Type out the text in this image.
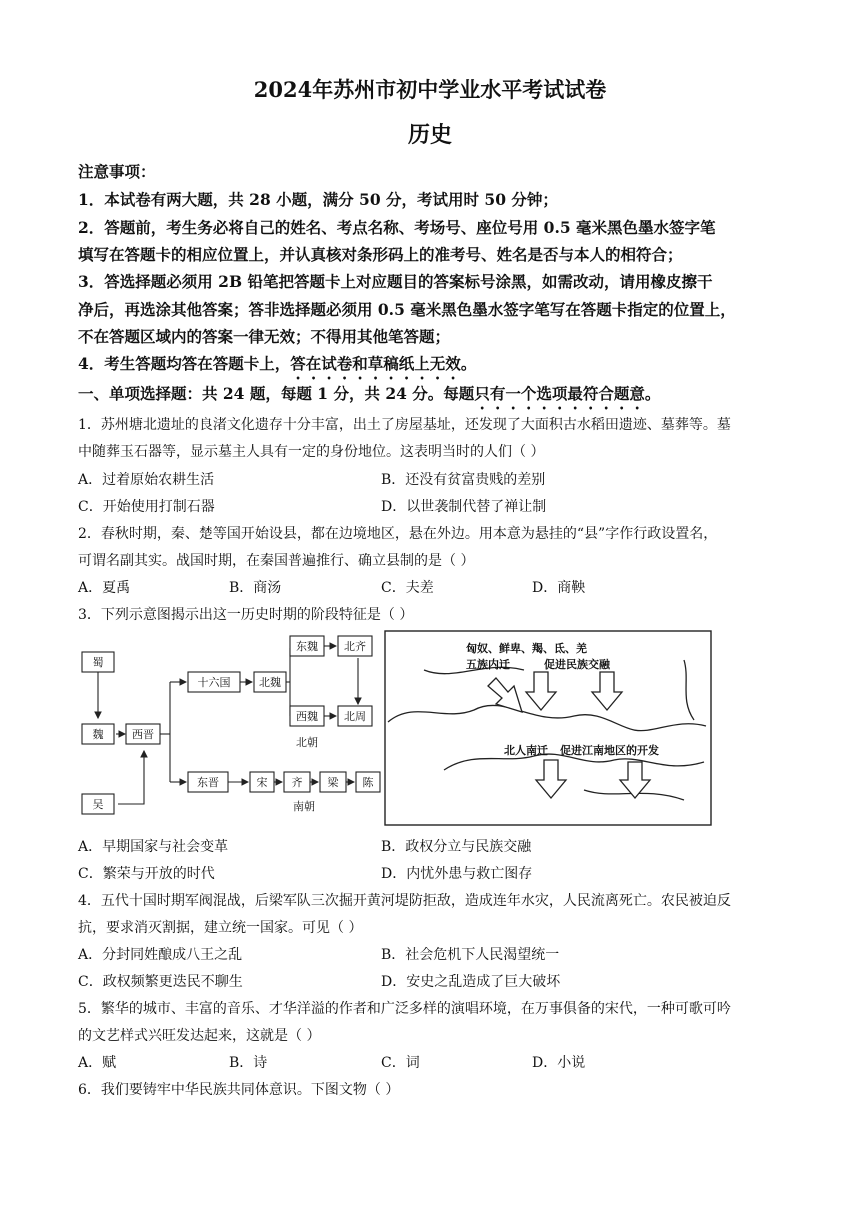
2024年苏州市初中学业水平考试试卷
历史
注意事项：
1．本试卷有两大题，共 28 小题，满分 50 分，考试用时 50 分钟；
2．答题前，考生务必将自己的姓名、考点名称、考场号、座位号用 0.5 毫米黑色墨水签字笔
填写在答题卡的相应位置上，并认真核对条形码上的准考号、姓名是否与本人的相符合；
3．答选择题必须用 2B 铅笔把答题卡上对应题目的答案标号涂黑，如需改动，请用橡皮擦干
净后，再选涂其他答案；答非选择题必须用 0.5 毫米黑色墨水签字笔写在答题卡指定的位置上，
不在答题区域内的答案一律无效；不得用其他笔答题；
4．考生答题均答在答题卡上，答在试卷和草稿纸上无效。
一、单项选择题：共 24 题，每题 1 分，共 24 分。每题只有一个选项最符合题意。
1．苏州塘北遗址的良渚文化遗存十分丰富，出土了房屋基址，还发现了大面积古水稻田遗迹、墓葬等。墓
中随葬玉石器等，显示墓主人具有一定的身份地位。这表明当时的人们（ ）
A．过着原始农耕生活	B．还没有贫富贵贱的差别
C．开始使用打制石器	D．以世袭制代替了禅让制
2．春秋时期，秦、楚等国开始设县，都在边境地区，悬在外边。用本意为悬挂的“县”字作行政设置名，
可谓名副其实。战国时期，在秦国普遍推行、确立县制的是（ ）
A．夏禹	B．商汤	C．夫差	D．商鞅
3．下列示意图揭示出这一历史时期的阶段特征是（ ）
蜀
魏
吴
西晋
十六国	北魏
东晋
东魏 北齐
西魏 北周
宋 齐 梁 陈
北朝
南朝
匈奴、鲜卑、羯、氐、羌
五族内迁	促进民族交融
北人南迁 促进江南地区的开发
A．早期国家与社会变革	B．政权分立与民族交融
C．繁荣与开放的时代	D．内忧外患与救亡图存
4．五代十国时期军阀混战，后梁军队三次掘开黄河堤防拒敌，造成连年水灾，人民流离死亡。农民被迫反
抗，要求消灭割据，建立统一国家。可见（ ）
A．分封同姓酿成八王之乱	B．社会危机下人民渴望统一
C．政权频繁更迭民不聊生	D．安史之乱造成了巨大破坏
5．繁华的城市、丰富的音乐、才华洋溢的作者和广泛多样的演唱环境，在万事俱备的宋代，一种可歌可吟
的文艺样式兴旺发达起来，这就是（ ）
A．赋	B．诗	C．词	D．小说
6．我们要铸牢中华民族共同体意识。下图文物（ ）
